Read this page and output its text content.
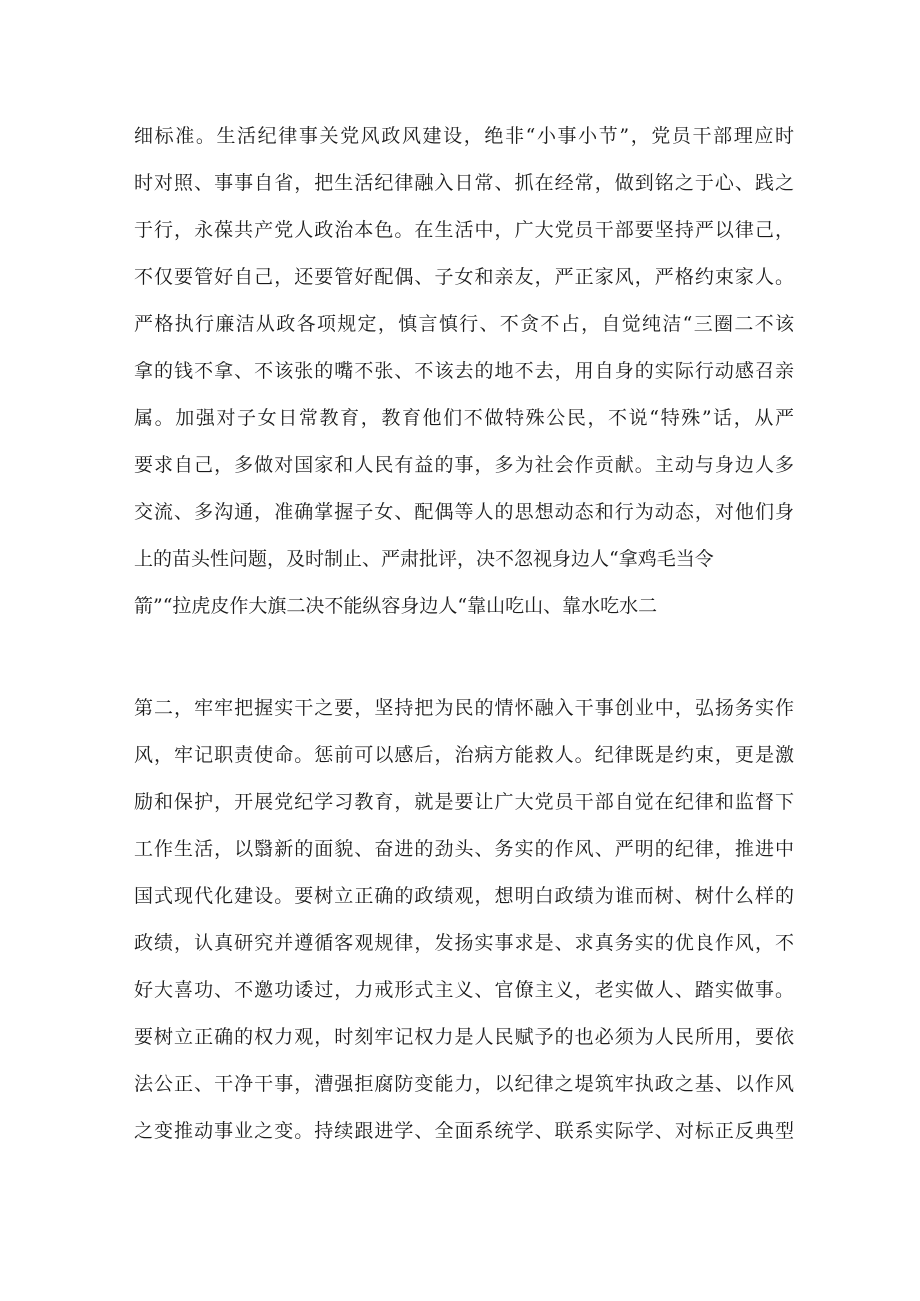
细标准。生活纪律事关党风政风建设，绝非“小事小节”，党员干部理应时
时对照、事事自省，把生活纪律融入日常、抓在经常，做到铭之于心、践之
于行，永葆共产党人政治本色。在生活中，广大党员干部要坚持严以律己，
不仅要管好自己，还要管好配偶、子女和亲友，严正家风，严格约束家人。
严格执行廉洁从政各项规定，慎言慎行、不贪不占，自觉纯洁“三圈二不该
拿的钱不拿、不该张的嘴不张、不该去的地不去，用自身的实际行动感召亲
属。加强对子女日常教育，教育他们不做特殊公民，不说“特殊”话，从严
要求自己，多做对国家和人民有益的事，多为社会作贡献。主动与身边人多
交流、多沟通，准确掌握子女、配偶等人的思想动态和行为动态，对他们身
上的苗头性问题，及时制止、严肃批评，决不忽视身边人“拿鸡毛当令
箭”“拉虎皮作大旗二决不能纵容身边人“靠山吃山、靠水吃水二
第二，牢牢把握实干之要，坚持把为民的情怀融入干事创业中，弘扬务实作
风，牢记职责使命。惩前可以感后，治病方能救人。纪律既是约束，更是激
励和保护，开展党纪学习教育，就是要让广大党员干部自觉在纪律和监督下
工作生活，以翳新的面貌、奋进的劲头、务实的作风、严明的纪律，推进中
国式现代化建设。要树立正确的政绩观，想明白政绩为谁而树、树什么样的
政绩，认真研究并遵循客观规律，发扬实事求是、求真务实的优良作风，不
好大喜功、不邀功诿过，力戒形式主义、官僚主义，老实做人、踏实做事。
要树立正确的权力观，时刻牢记权力是人民赋予的也必须为人民所用，要依
法公正、干净干事，漕强拒腐防变能力，以纪律之堤筑牢执政之基、以作风
之变推动事业之变。持续跟进学、全面系统学、联系实际学、对标正反典型
